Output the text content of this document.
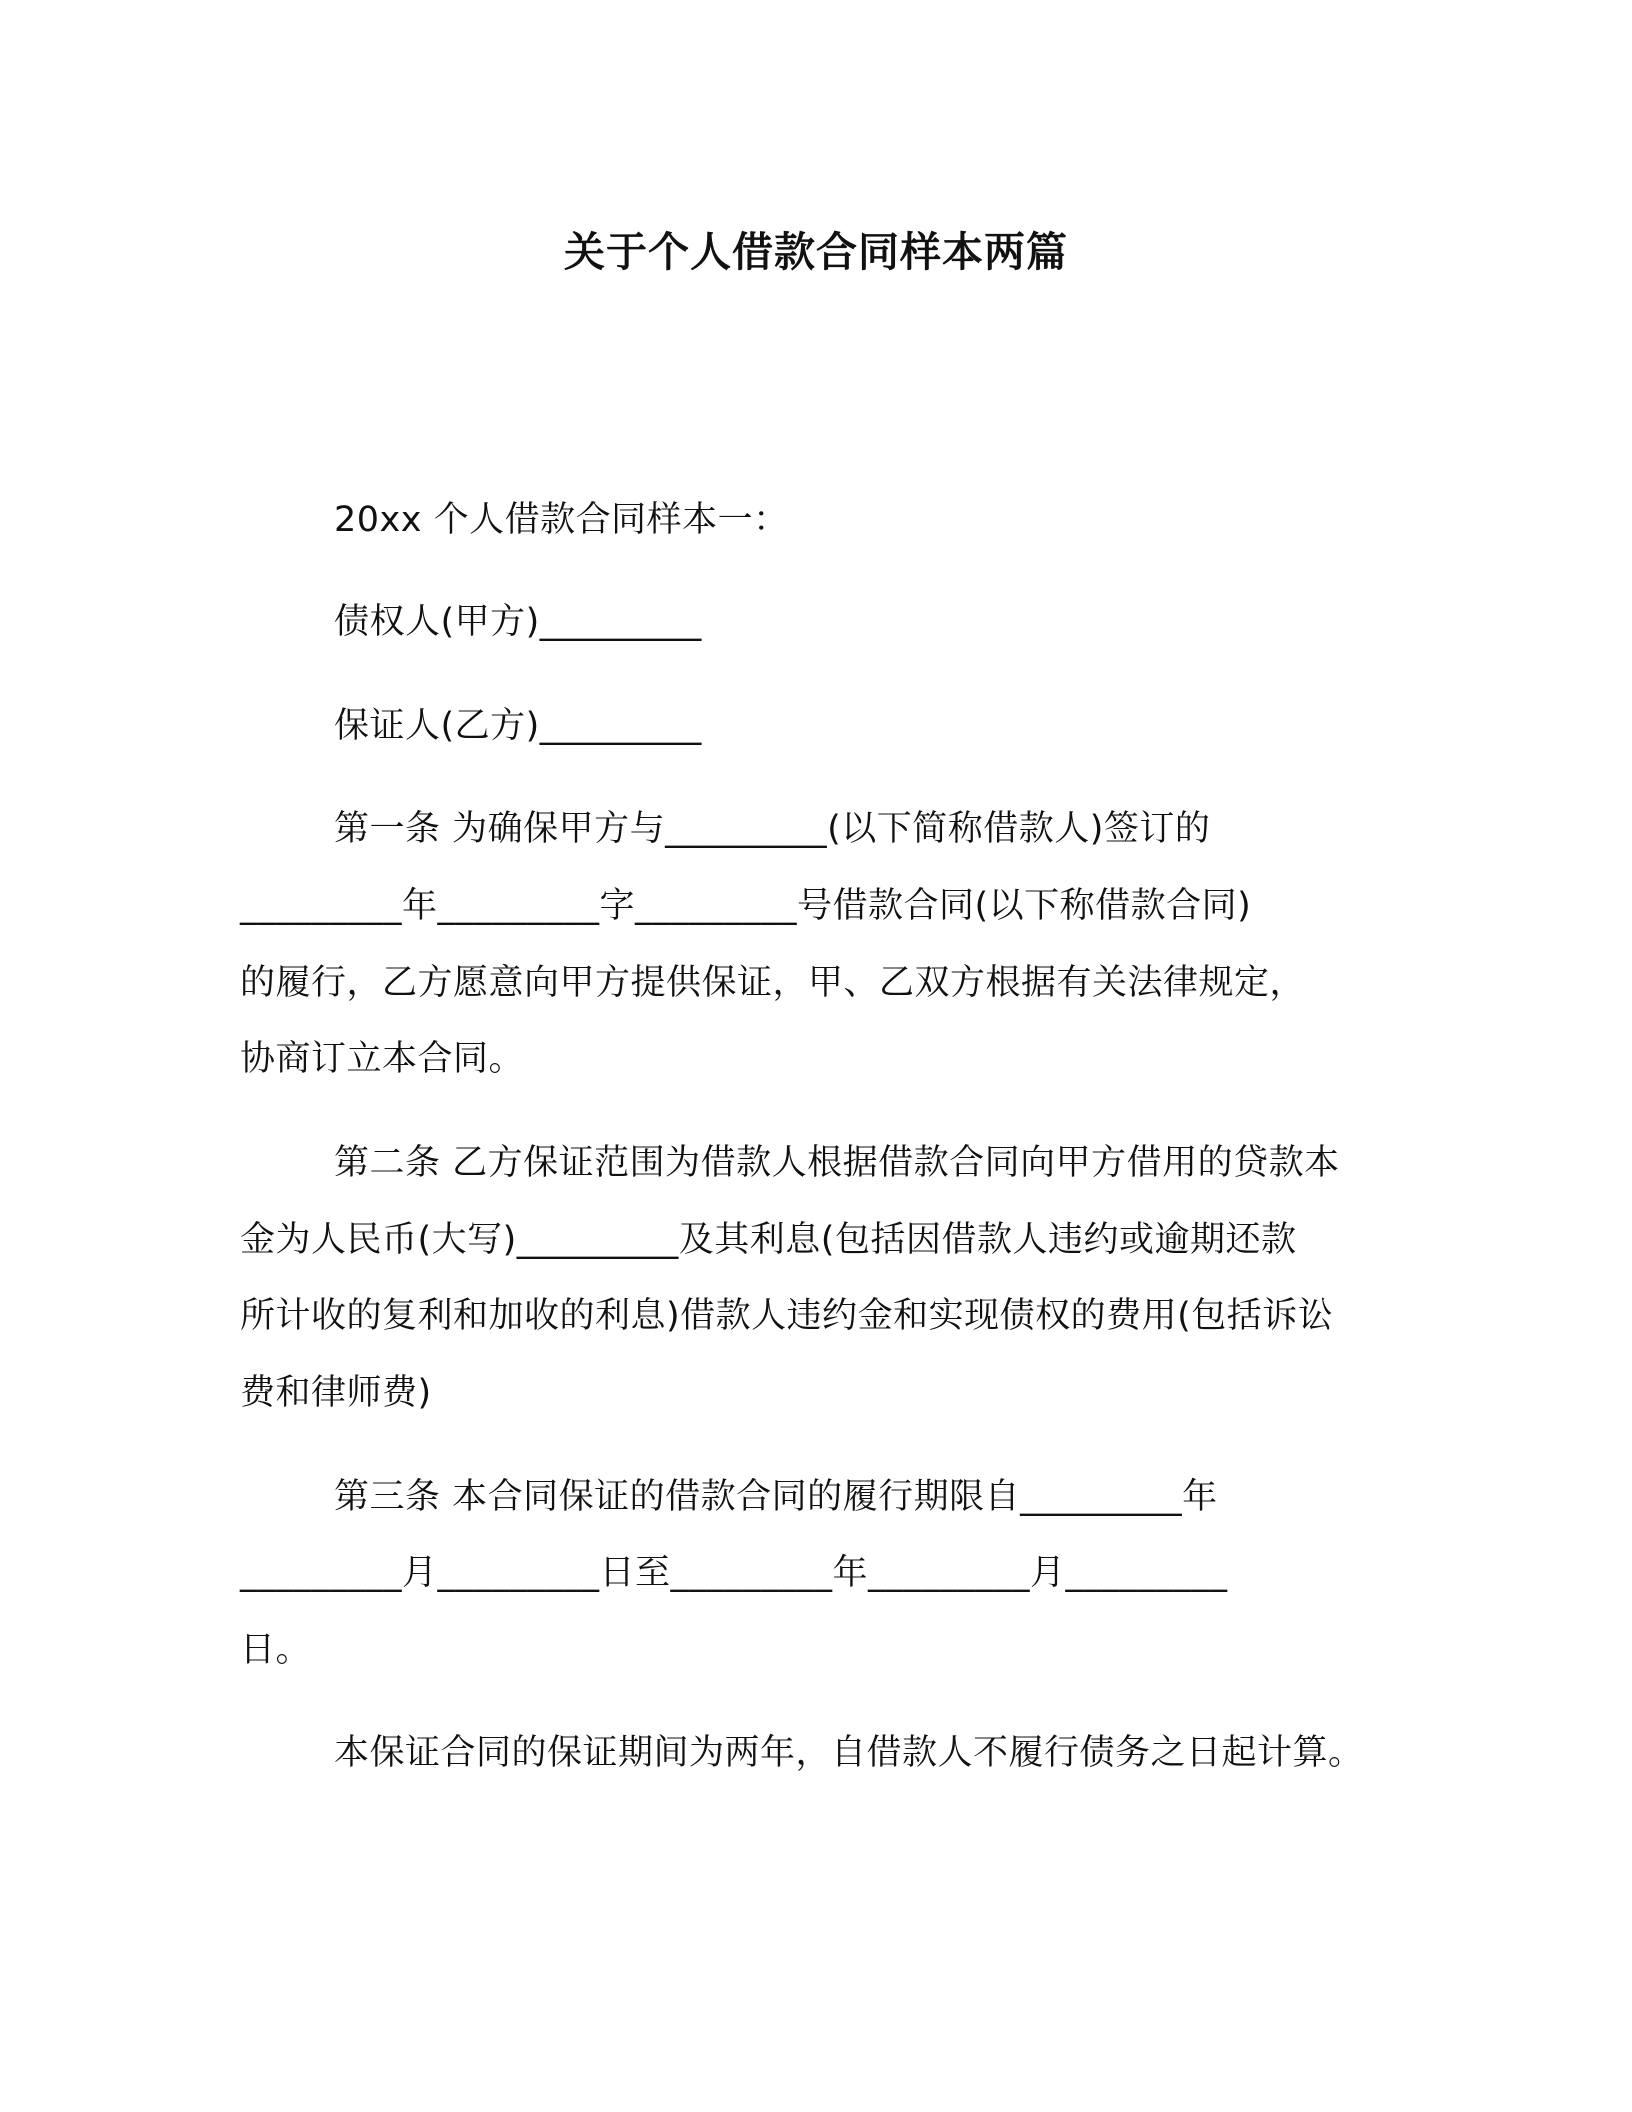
关于个人借款合同样本两篇
20xx 个人借款合同样本一：
债权人(甲方)_________
保证人(乙方)_________
第一条 为确保甲方与_________(以下简称借款人)签订的
_________年_________字_________号借款合同(以下称借款合同)
的履行，乙方愿意向甲方提供保证，甲、乙双方根据有关法律规定，
协商订立本合同。
第二条 乙方保证范围为借款人根据借款合同向甲方借用的贷款本
金为人民币(大写)_________及其利息(包括因借款人违约或逾期还款
所计收的复利和加收的利息)借款人违约金和实现债权的费用(包括诉讼
费和律师费)
第三条 本合同保证的借款合同的履行期限自_________年
_________月_________日至_________年_________月_________
日。
本保证合同的保证期间为两年，自借款人不履行债务之日起计算。
